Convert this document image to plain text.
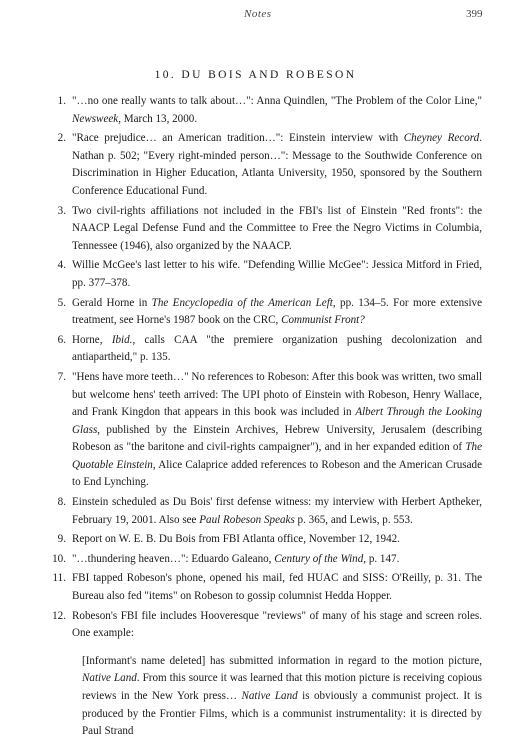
Notes	399
10. DU BOIS AND ROBESON
1. "…no one really wants to talk about…": Anna Quindlen, "The Problem of the Color Line," Newsweek, March 13, 2000.
2. "Race prejudice… an American tradition…": Einstein interview with Cheyney Record. Nathan p. 502; "Every right-minded person…": Message to the Southwide Conference on Discrimination in Higher Education, Atlanta University, 1950, sponsored by the Southern Conference Educational Fund.
3. Two civil-rights affiliations not included in the FBI's list of Einstein "Red fronts": the NAACP Legal Defense Fund and the Committee to Free the Negro Victims in Columbia, Tennessee (1946), also organized by the NAACP.
4. Willie McGee's last letter to his wife. "Defending Willie McGee": Jessica Mitford in Fried, pp. 377–378.
5. Gerald Horne in The Encyclopedia of the American Left, pp. 134–5. For more extensive treatment, see Horne's 1987 book on the CRC, Communist Front?
6. Horne, Ibid., calls CAA "the premiere organization pushing decolonization and antiapartheid," p. 135.
7. "Hens have more teeth…" No references to Robeson: After this book was written, two small but welcome hens' teeth arrived: The UPI photo of Einstein with Robeson, Henry Wallace, and Frank Kingdon that appears in this book was included in Albert Through the Looking Glass, published by the Einstein Archives, Hebrew University, Jerusalem (describing Robeson as "the baritone and civil-rights campaigner"), and in her expanded edition of The Quotable Einstein, Alice Calaprice added references to Robeson and the American Crusade to End Lynching.
8. Einstein scheduled as Du Bois' first defense witness: my interview with Herbert Aptheker, February 19, 2001. Also see Paul Robeson Speaks p. 365, and Lewis, p. 553.
9. Report on W. E. B. Du Bois from FBI Atlanta office, November 12, 1942.
10. "…thundering heaven…": Eduardo Galeano, Century of the Wind, p. 147.
11. FBI tapped Robeson's phone, opened his mail, fed HUAC and SISS: O'Reilly, p. 31. The Bureau also fed "items" on Robeson to gossip columnist Hedda Hopper.
12. Robeson's FBI file includes Hooveresque "reviews" of many of his stage and screen roles. One example:
[Informant's name deleted] has submitted information in regard to the motion picture, Native Land. From this source it was learned that this motion picture is receiving copious reviews in the New York press… Native Land is obviously a communist project. It is produced by the Frontier Films, which is a communist instrumentality: it is directed by Paul Strand
